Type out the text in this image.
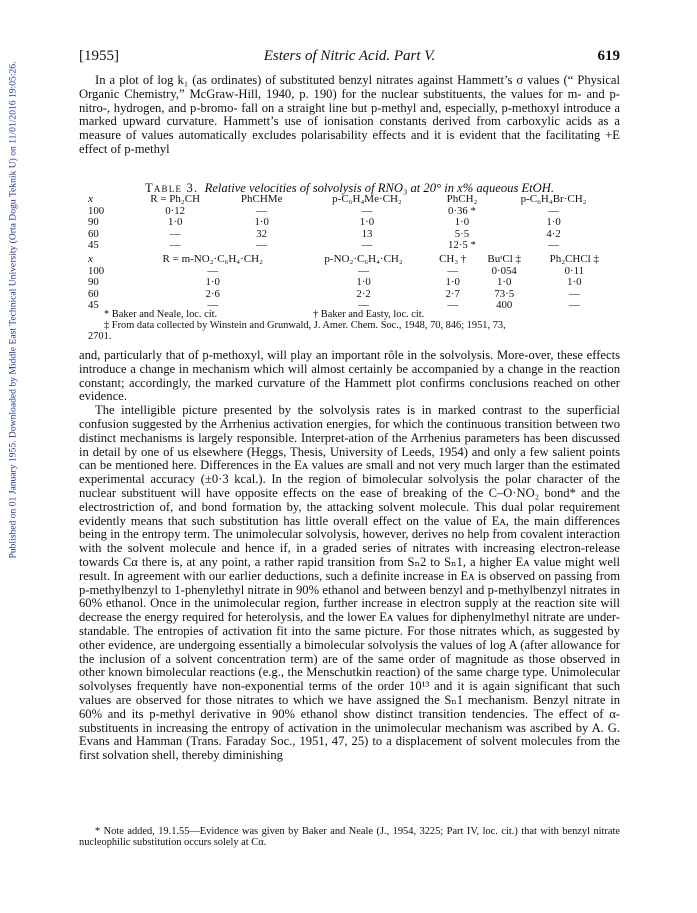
Published on 01 January 1955. Downloaded by Middle East Technical University (Orta Dogu Teknik U) on 11/01/2016 19:05:26.
[1955]	Esters of Nitric Acid. Part V.	619

In a plot of log k₁ (as ordinates) of substituted benzyl nitrates against Hammett’s σ values (“ Physical Organic Chemistry,” McGraw-Hill, 1940, p. 190) for the nuclear substituents, the values for m- and p-nitro-, hydrogen, and p-bromo- fall on a straight line but p-methyl and, especially, p-methoxyl introduce a marked upward curvature. Hammett’s use of ionisation constants derived from carboxylic acids as a measure of values automatically excludes polarisability effects and it is evident that the facilitating +E effect of p-methyl

Table 3. Relative velocities of solvolysis of RNO₃ at 20° in x% aqueous EtOH.
x	R = Ph₂CH	PhCHMe	p-C₆H₄Me·CH₂	PhCH₂	p-C₆H₄Br·CH₂
100	0·12	—	—	0·36 *	—
90	1·0	1·0	1·0	1·0	1·0
60	—	32	13	5·5	4·2
45	—	—	—	12·5 *	—
x	R = m-NO₂·C₆H₄·CH₂	p-NO₂·C₆H₄·CH₂	CH₃ †	BuᵗCl ‡	Ph₂CHCl ‡
100	—	—	—	0·054	0·11
90	1·0	1·0	1·0	1·0	1·0
60	2·6	2·2	2·7	73·5	—
45	—	—	—	400	—
* Baker and Neale, loc. cit.	† Baker and Easty, loc. cit.
‡ From data collected by Winstein and Grunwald, J. Amer. Chem. Soc., 1948, 70, 846; 1951, 73,
2701.

and, particularly that of p-methoxyl, will play an important rôle in the solvolysis. More-over, these effects introduce a change in mechanism which will almost certainly be accompanied by a change in the reaction constant; accordingly, the marked curvature of the Hammett plot confirms conclusions reached on other evidence.

The intelligible picture presented by the solvolysis rates is in marked contrast to the superficial confusion suggested by the Arrhenius activation energies, for which the continuous transition between two distinct mechanisms is largely responsible. Interpret-ation of the Arrhenius parameters has been discussed in detail by one of us elsewhere (Heggs, Thesis, University of Leeds, 1954) and only a few salient points can be mentioned here. Differences in the Eᴀ values are small and not very much larger than the estimated experimental accuracy (±0·3 kcal.). In the region of bimolecular solvolysis the polar character of the nuclear substituent will have opposite effects on the ease of breaking of the C–O·NO₂ bond* and the electrostriction of, and bond formation by, the attacking solvent molecule. This dual polar requirement evidently means that such substitution has little overall effect on the value of Eᴀ, the main differences being in the entropy term. The unimolecular solvolysis, however, derives no help from covalent interaction with the solvent molecule and hence if, in a graded series of nitrates with increasing electron-release towards Cα there is, at any point, a rather rapid transition from Sₙ2 to Sₙ1, a higher Eᴀ value might well result. In agreement with our earlier deductions, such a definite increase in Eᴀ is observed on passing from p-methylbenzyl to 1-phenylethyl nitrate in 90% ethanol and between benzyl and p-methylbenzyl nitrates in 60% ethanol. Once in the unimolecular region, further increase in electron supply at the reaction site will decrease the energy required for heterolysis, and the lower Eᴀ values for diphenylmethyl nitrate are under-standable. The entropies of activation fit into the same picture. For those nitrates which, as suggested by other evidence, are undergoing essentially a bimolecular solvolysis the values of log A (after allowance for the inclusion of a solvent concentration term) are of the same order of magnitude as those observed in other known bimolecular reactions (e.g., the Menschutkin reaction) of the same charge type. Unimolecular solvolyses frequently have non-exponential terms of the order 10¹³ and it is again significant that such values are observed for those nitrates to which we have assigned the Sₙ1 mechanism. Benzyl nitrate in 60% and its p-methyl derivative in 90% ethanol show distinct transition tendencies. The effect of α-substituents in increasing the entropy of activation in the unimolecular mechanism was ascribed by A. G. Evans and Hamman (Trans. Faraday Soc., 1951, 47, 25) to a displacement of solvent molecules from the first solvation shell, thereby diminishing

* Note added, 19.1.55—Evidence was given by Baker and Neale (J., 1954, 3225; Part IV, loc. cit.) that with benzyl nitrate nucleophilic substitution occurs solely at Cα.
